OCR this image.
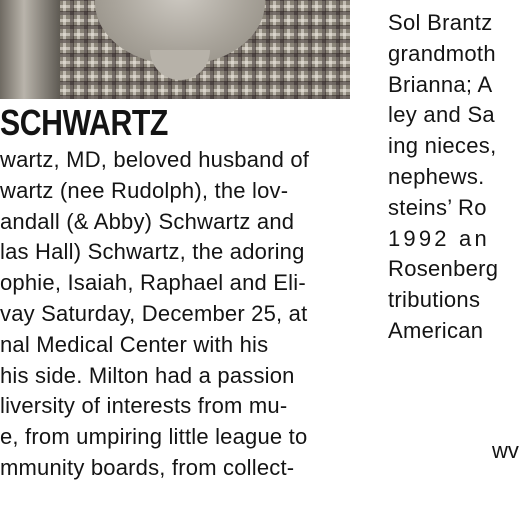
SCHWARTZ
wartz, MD, beloved husband of
wartz (nee Rudolph), the lov-
andall (& Abby) Schwartz and
las Hall) Schwartz, the adoring
ophie, Isaiah, Raphael and Eli-
vay Saturday, December 25, at
nal Medical Center with his
his side. Milton had a passion
liversity of interests from mu-
e, from umpiring little league to
mmunity boards, from collect-
Sol Brantz
grandmoth
Brianna; A
ley and Sa
ing nieces,
nephews.
steins’ Ro
1992 an
Rosenberg
tributions
American
wv
